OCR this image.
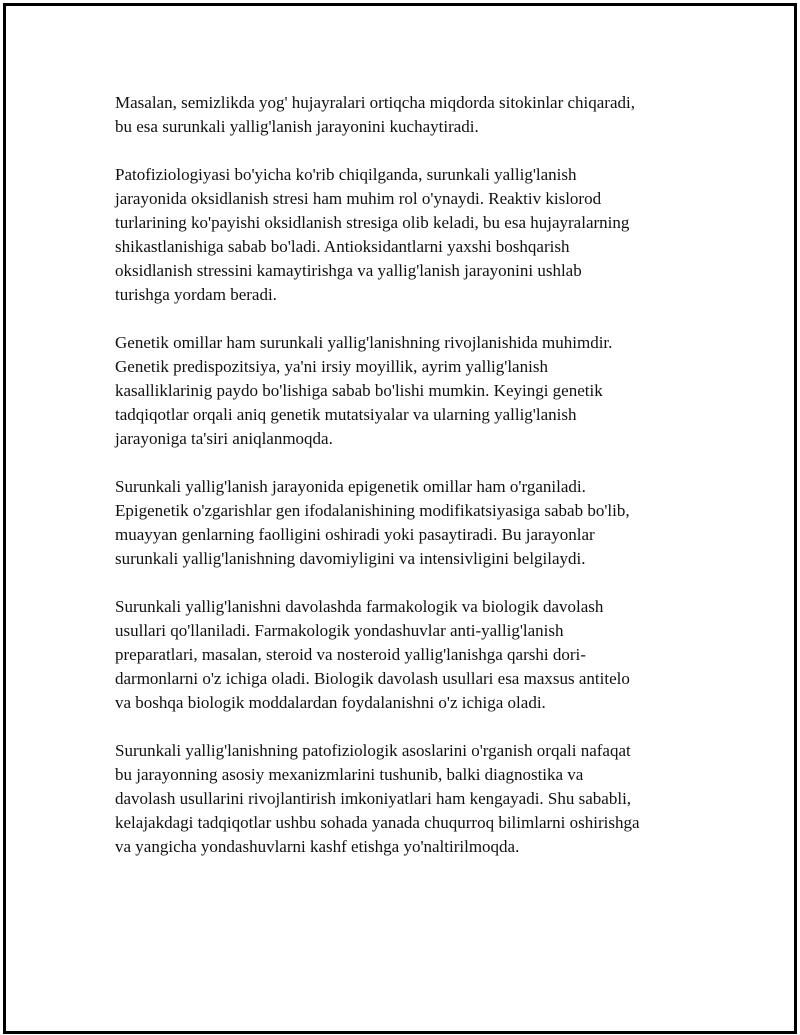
Masalan, semizlikda yog' hujayralari ortiqcha miqdorda sitokinlar chiqaradi,
bu esa surunkali yallig'lanish jarayonini kuchaytiradi.

Patofiziologiyasi bo'yicha ko'rib chiqilganda, surunkali yallig'lanish
jarayonida oksidlanish stresi ham muhim rol o'ynaydi. Reaktiv kislorod
turlarining ko'payishi oksidlanish stresiga olib keladi, bu esa hujayralarning
shikastlanishiga sabab bo'ladi. Antioksidantlarni yaxshi boshqarish
oksidlanish stressini kamaytirishga va yallig'lanish jarayonini ushlab
turishga yordam beradi.

Genetik omillar ham surunkali yallig'lanishning rivojlanishida muhimdir.
Genetik predispozitsiya, ya'ni irsiy moyillik, ayrim yallig'lanish
kasalliklarinig paydo bo'lishiga sabab bo'lishi mumkin. Keyingi genetik
tadqiqotlar orqali aniq genetik mutatsiyalar va ularning yallig'lanish
jarayoniga ta'siri aniqlanmoqda.

Surunkali yallig'lanish jarayonida epigenetik omillar ham o'rganiladi.
Epigenetik o'zgarishlar gen ifodalanishining modifikatsiyasiga sabab bo'lib,
muayyan genlarning faolligini oshiradi yoki pasaytiradi. Bu jarayonlar
surunkali yallig'lanishning davomiyligini va intensivligini belgilaydi.

Surunkali yallig'lanishni davolashda farmakologik va biologik davolash
usullari qo'llaniladi. Farmakologik yondashuvlar anti-yallig'lanish
preparatlari, masalan, steroid va nosteroid yallig'lanishga qarshi dori-
darmonlarni o'z ichiga oladi. Biologik davolash usullari esa maxsus antitelo
va boshqa biologik moddalardan foydalanishni o'z ichiga oladi.

Surunkali yallig'lanishning patofiziologik asoslarini o'rganish orqali nafaqat
bu jarayonning asosiy mexanizmlarini tushunib, balki diagnostika va
davolash usullarini rivojlantirish imkoniyatlari ham kengayadi. Shu sababli,
kelajakdagi tadqiqotlar ushbu sohada yanada chuqurroq bilimlarni oshirishga
va yangicha yondashuvlarni kashf etishga yo'naltirilmoqda.
